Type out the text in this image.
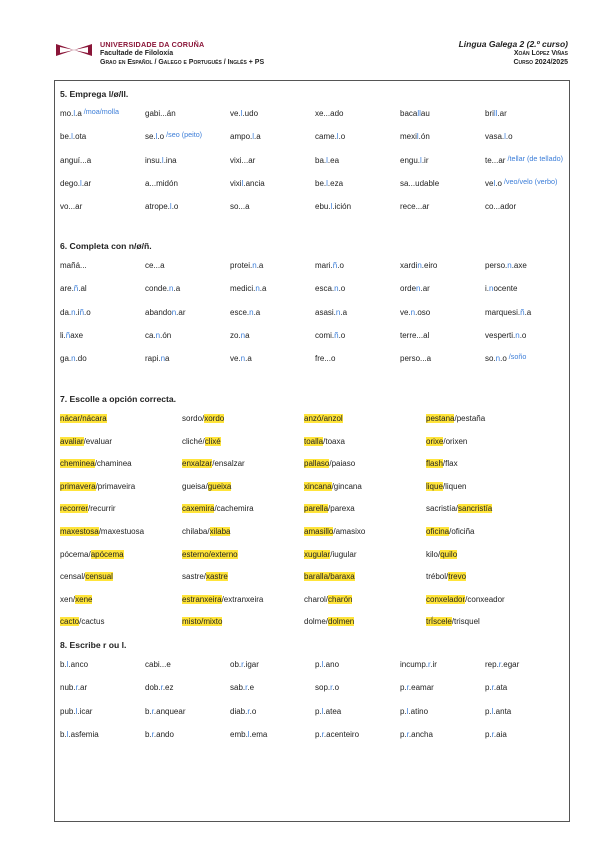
UNIVERSIDADE DA CORUÑA
Facultade de Filoloxía
Grao en Español / Galego e Portugués / Inglés + PS
Lingua Galega 2 (2.º curso)
Xoán López Viñas
Curso 2024/2025
5. Emprega l/ø/ll.
mo.l.a /moa/molla	gabi...án	ve.l.udo	xe...ado	bacallau	brill.ar
be.l.ota	se.l.o /seo (peito)	ampo.l.a	came.l.o	mexil.ón	vasa.l.o
anguí...a	insu.l.ina	vixi...ar	ba.l.ea	engu.l.ir	te...ar /tellar (de tellado)
dego.l.ar	a...midón	vixil.ancia	be.l.eza	sa...udable	vel.o /veo/velo (verbo)
vo...ar	atrope.l.o	so...a	ebu.l.ición	rece...ar	co...ador
6. Completa con n/ø/ñ.
mañá...	ce...a	protei.n.a	mari.ñ.o	xardin.eiro	perso.n.axe
are.ñ.al	conde.n.a	medici.n.a	esca.n.o	orden.ar	i.nocente
da.n.iñ.o	abandon.ar	esce.n.a	asasi.n.a	ve.n.oso	marquesi.ñ.a
li.ñaxe	ca.n.ón	zo.na	comi.ñ.o	terre...al	vesperti.n.o
ga.n.do	rapi.na	ve.n.a	fre...o	perso...a	so.n.o /soño
7. Escolle a opción correcta.
nácar/nácara	sordo/xordo	anzó/anzol	pestana/pestaña
avaliar/evaluar	cliché/clixé	toalla/toaxa	orixe/orixen
cheminea/chaminea	enxalzar/ensalzar	pallaso/paiaso	flash/flax
primavera/primaveira	gueisa/gueixa	xincana/gincana	lique/liquen
recorrer/recurrir	caxemira/cachemira	parella/parexa	sacristía/sancristía
maxestosa/maxestuosa	chilaba/xilaba	amasillo/amasixo	oficina/oficiña
pócema/apócema	esterno/externo	xugular/iugular	kilo/quilo
censal/censual	sastre/xastre	baralla/baraxa	trébol/trevo
xen/xene	estranxeira/extranxeira	charol/charón	conxelador/conxeador
cacto/cactus	misto/mixto	dolme/dolmen	trÍscele/trisquel
8. Escribe r ou l.
b.l.anco	cabi...e	ob.r.igar	p.l.ano	incump.r.ir	rep.r.egar
nub.r.ar	dob.r.ez	sab.r.e	sop.r.o	p.r.eamar	p.r.ata
pub.l.icar	b.r.anquear	diab.r.o	p.l.atea	p.l.atino	p.l.anta
b.l.asfemia	b.r.ando	emb.l.ema	p.r.acenteiro	p.r.ancha	p.r.aia
